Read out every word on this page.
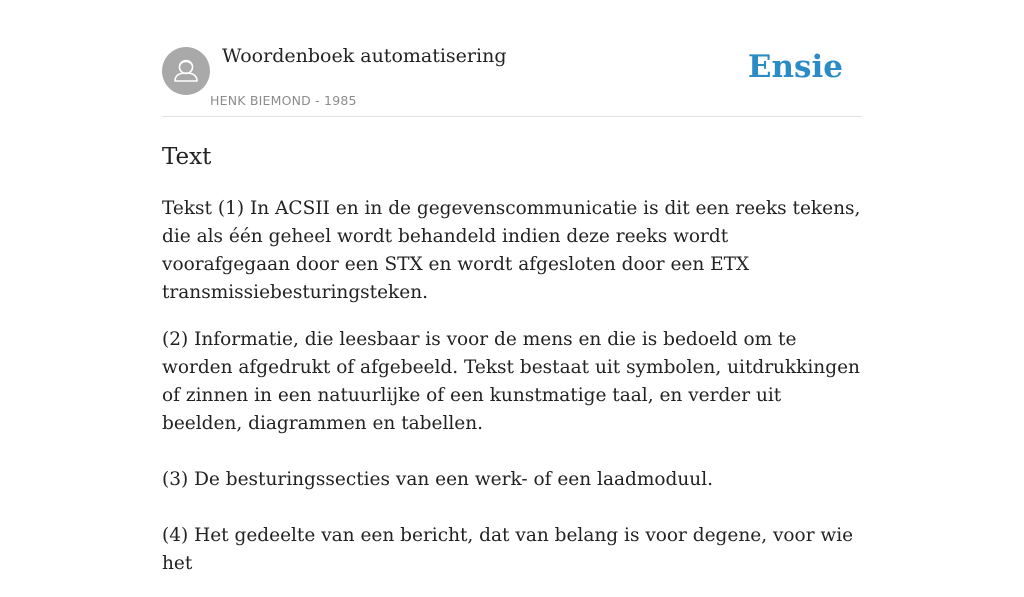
Woordenboek automatisering
HENK BIEMOND - 1985
Ensie
Text

Tekst (1) In ACSII en in de gegevenscommunicatie is dit een reeks tekens, die als één geheel wordt behandeld indien deze reeks wordt voorafgegaan door een STX en wordt afgesloten door een ETX transmissiebesturingsteken.

(2) Informatie, die leesbaar is voor de mens en die is bedoeld om te worden afgedrukt of afgebeeld. Tekst bestaat uit symbolen, uitdrukkingen of zinnen in een natuurlijke of een kunstmatige taal, en verder uit beelden, diagrammen en tabellen.

(3) De besturingssecties van een werk- of een laadmoduul.

(4) Het gedeelte van een bericht, dat van belang is voor degene, voor wie het
